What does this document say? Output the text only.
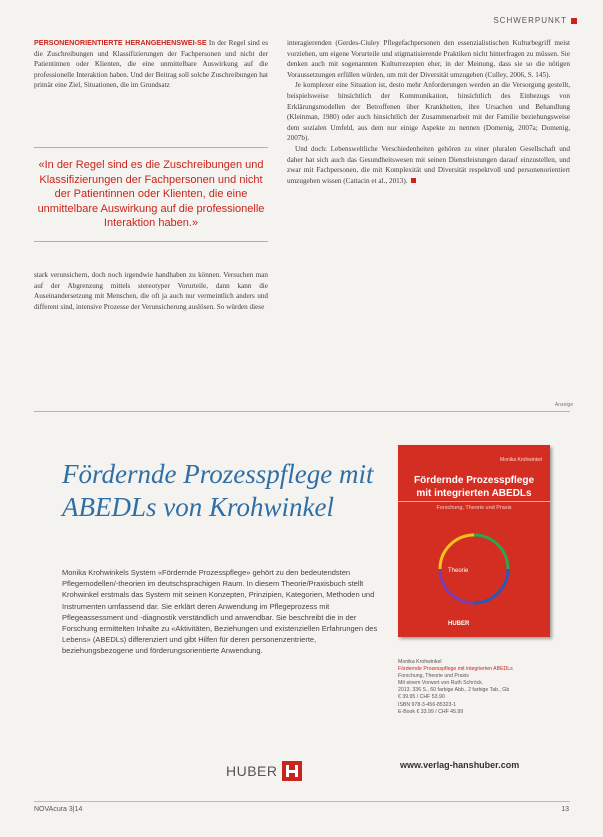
SCHWERPUNKT

PERSONENORIENTIERTE HERANGEHENSWEI-SE In der Regel sind es die Zuschreibungen und Klassifizierungen der Fachpersonen und nicht der Patientinnen oder Klienten, die eine unmittelbare Auswirkung auf die professionelle Interaktion haben. Und der Beitrag soll solche Zuschreibungen hat primär eine Ziel, Situationen, die im Grundsatz

«In der Regel sind es die Zuschreibungen und Klassifizierungen der Fachpersonen und nicht der Patientinnen oder Klienten, die eine unmittelbare Auswirkung auf die professionelle Interaktion haben.»

stark verunsichern, doch noch irgendwie handhaben zu können. Versuchen man auf der Abgrenzung mittels stereotyper Vorurteile, dann kann die Auseinandersetzung mit Menschen, die oft ja auch nur vermeintlich anders und different sind, intensive Prozesse der Verunsicherung auslösen. So würden diese

interagierenden (Gerdes-Ciuley Pflegefachpersonen den essenzialistischen Kulturbegriff meist vorziehen, um eigene Vorurteile und stigmatisierende Praktiken nicht hinterfragen zu müssen. Sie denken auch mit sogenannten Kulturrezepten eher, in der Meinung, dass sie so die nötigen Voraussetzungen erfüllen würden, um mit der Diversität umzugehen (Culley, 2006, S. 145).

Je komplexer eine Situation ist, desto mehr Anforderungen werden an die Versorgung gestellt, beispielsweise hinsichtlich der Kommunikation, hinsichtlich des Einbezugs von Erklärungsmodellen der Betroffenen über Krankheiten, ihre Ursachen und Behandlung (Kleinman, 1980) oder auch hinsichtlich der Zusammenarbeit mit der Familie beziehungsweise dem sozialen Umfeld, aus dem nur einige Aspekte zu nennen (Domenig, 2007a; Domenig, 2007b).

Und doch: Lebensweltliche Verschiedenheiten gehören zu einer pluralen Gesellschaft und daher hat sich auch das Gesundheitswesen mit seinen Dienstleistungen darauf einzustellen, und zwar mit Fachpersonen, die mit Komplexität und Diversität respektvoll und personenorientiert umzugehen wissen (Cattacin et al., 2013).

Anzeige
Fördernde Prozesspflege mit
ABEDLs von Krohwinkel
Monika Krohwinkels System «Fördernde Prozesspflege» gehört zu den bedeutendsten Pflegemodellen/-theorien im deutschsprachigen Raum. In diesem Theorie/Praxisbuch stellt Krohwinkel erstmals das System mit seinen Konzepten, Prinzipien, Kategorien, Methoden und Instrumenten umfassend dar. Sie erklärt deren Anwendung im Pflegeprozess mit Pflegeassessment und -diagnostik verständlich und anwendbar. Sie beschreibt die in der Forschung ermittelten Inhalte zu «Aktivitäten, Beziehungen und existenziellen Erfahrungen des Lebens» (ABEDLs) differenziert und gibt Hilfen für deren personenzentrierte, beziehungsbezogene und förderungsorientierte Anwendung.
Monika Krohwinkel
Fördernde Prozesspflege
mit integrierten ABEDLs
Forschung, Theorie und Praxis
Theorie
HUBER
Monika Krohwinkel
Fördernde Prozesspflege mit integrierten ABEDLs
Forschung, Theorie und Praxis
Mit einem Vorwort von Ruth Schröck.
2013. 336 S., 60 farbige Abb., 2 farbige Tab., Gb
€ 39.95 / CHF 53.90
ISBN 978-3-456-85323-1
E-Book € 33.99 / CHF 45.99
HUBER	www.verlag-hanshuber.com
NOVAcura 3|14	13
